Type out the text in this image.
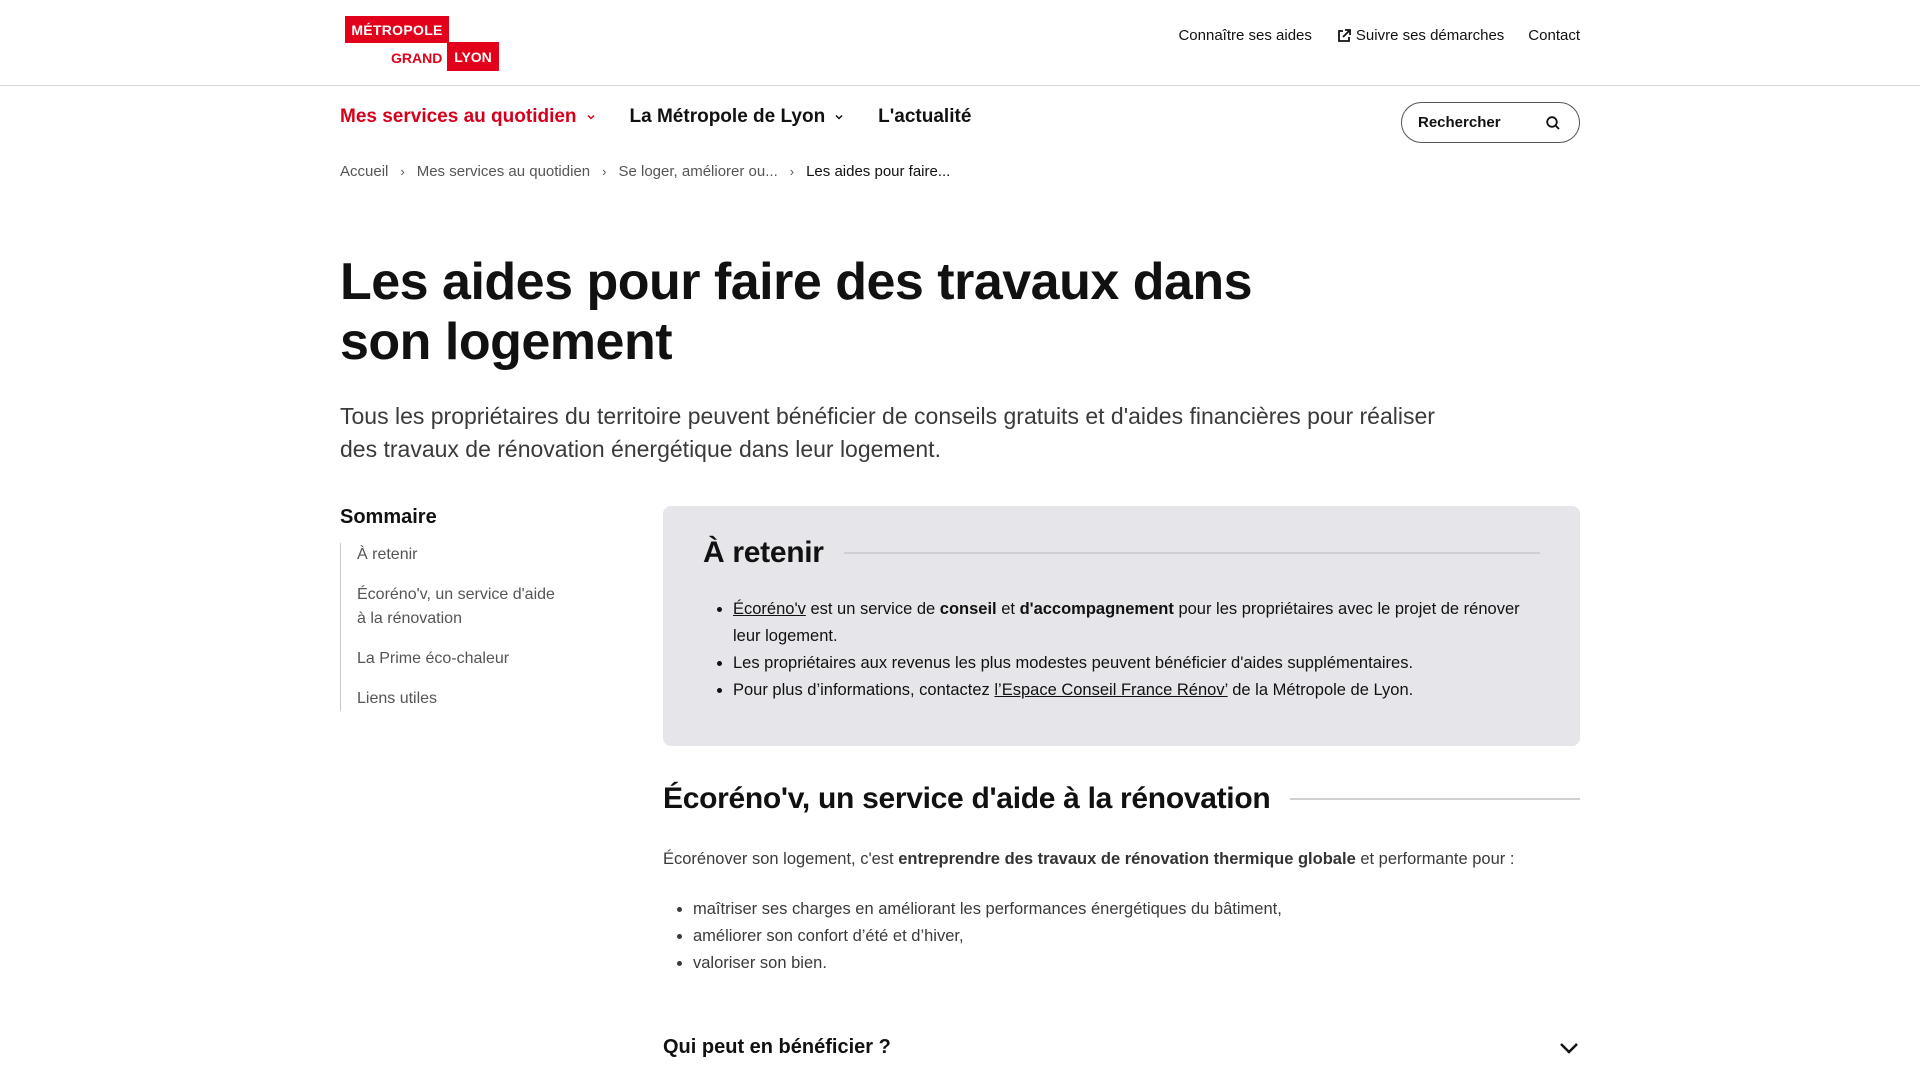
MÉTROPOLE
GRAND LYON
Connaître ses aides	Suivre ses démarches Contact
Mes services au quotidien	La Métropole de Lyon	L'actualité	Rechercher
Accueil › Mes services au quotidien › Se loger, améliorer ou... › Les aides pour faire...
Les aides pour faire des travaux dans son logement

Tous les propriétaires du territoire peuvent bénéficier de conseils gratuits et d'aides financières pour réaliser des travaux de rénovation énergétique dans leur logement.

Sommaire
À retenir
Écoréno'v, un service d'aide à la rénovation
La Prime éco-chaleur
Liens utiles
À retenir
• Écoréno'v est un service de conseil et d'accompagnement pour les propriétaires avec le projet de rénover leur logement.
• Les propriétaires aux revenus les plus modestes peuvent bénéficier d'aides supplémentaires.
• Pour plus d’informations, contactez l’Espace Conseil France Rénov’ de la Métropole de Lyon.
Écoréno'v, un service d'aide à la rénovation

Écorénover son logement, c'est entreprendre des travaux de rénovation thermique globale et performante pour :

• maîtriser ses charges en améliorant les performances énergétiques du bâtiment,
• améliorer son confort d’été et d’hiver,
• valoriser son bien.
Qui peut en bénéficier ?
